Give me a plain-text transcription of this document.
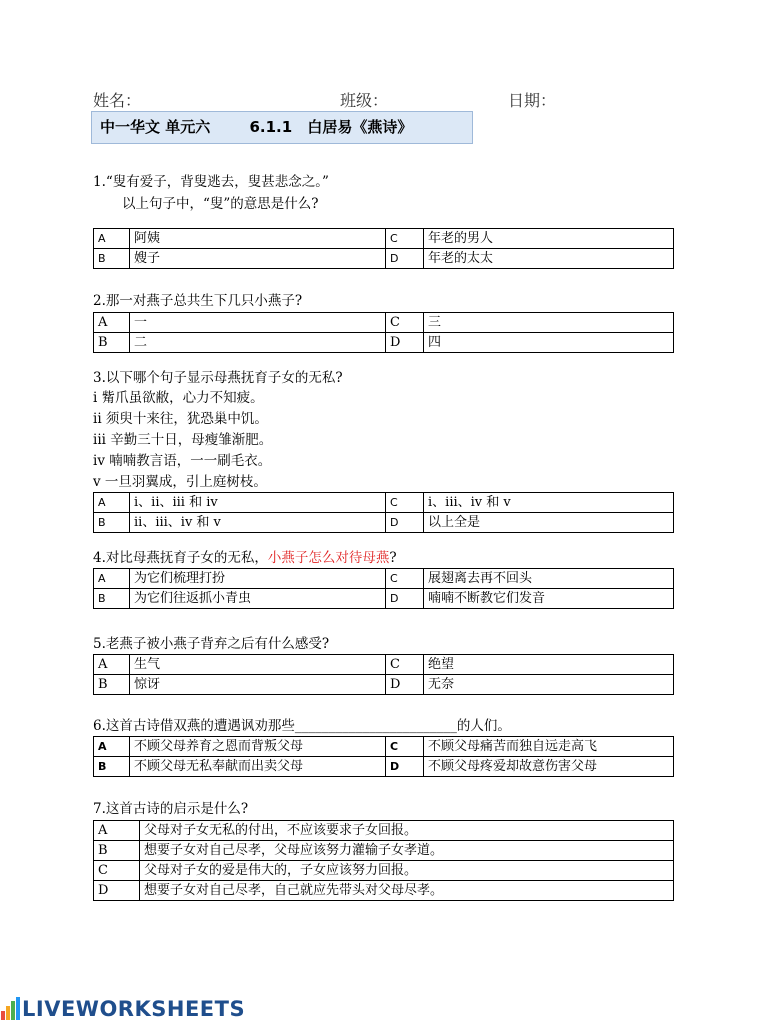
姓名：	班级：	日期：
中一华文 单元六	6.1.1 白居易《燕诗》
1.“叟有爱子，背叟逃去，叟甚悲念之。”
以上句子中，“叟”的意思是什么?
A	阿姨	C	年老的男人
B	嫂子	D	年老的太太
2.那一对燕子总共生下几只小燕子?
A	一	C	三
B	二	D	四
3.以下哪个句子显示母燕抚育子女的无私?
i 觜爪虽欲敝，心力不知疲。
ii 须臾十来往，犹恐巢中饥。
iii 辛勤三十日，母瘦雏渐肥。
iv 喃喃教言语，一一刷毛衣。
v 一旦羽翼成，引上庭树枝。
A	i、ii、iii 和 iv	C	i、iii、iv 和 v
B	ii、iii、iv 和 v	D	以上全是
4.对比母燕抚育子女的无私，小燕子怎么对待母燕?
A	为它们梳理打扮	C	展翅离去再不回头
B	为它们往返抓小青虫	D	喃喃不断教它们发音
5.老燕子被小燕子背弃之后有什么感受?
A	生气	C	绝望
B	惊讶	D	无奈
6.这首古诗借双燕的遭遇讽劝那些________________________的人们。
A	不顾父母养育之恩而背叛父母	C	不顾父母痛苦而独自远走高飞
B	不顾父母无私奉献而出卖父母	D	不顾父母疼爱却故意伤害父母
7.这首古诗的启示是什么?
A	父母对子女无私的付出，不应该要求子女回报。
B	想要子女对自己尽孝，父母应该努力灌输子女孝道。
C	父母对子女的爱是伟大的，子女应该努力回报。
D	想要子女对自己尽孝，自己就应先带头对父母尽孝。
LIVEWORKSHEETS
